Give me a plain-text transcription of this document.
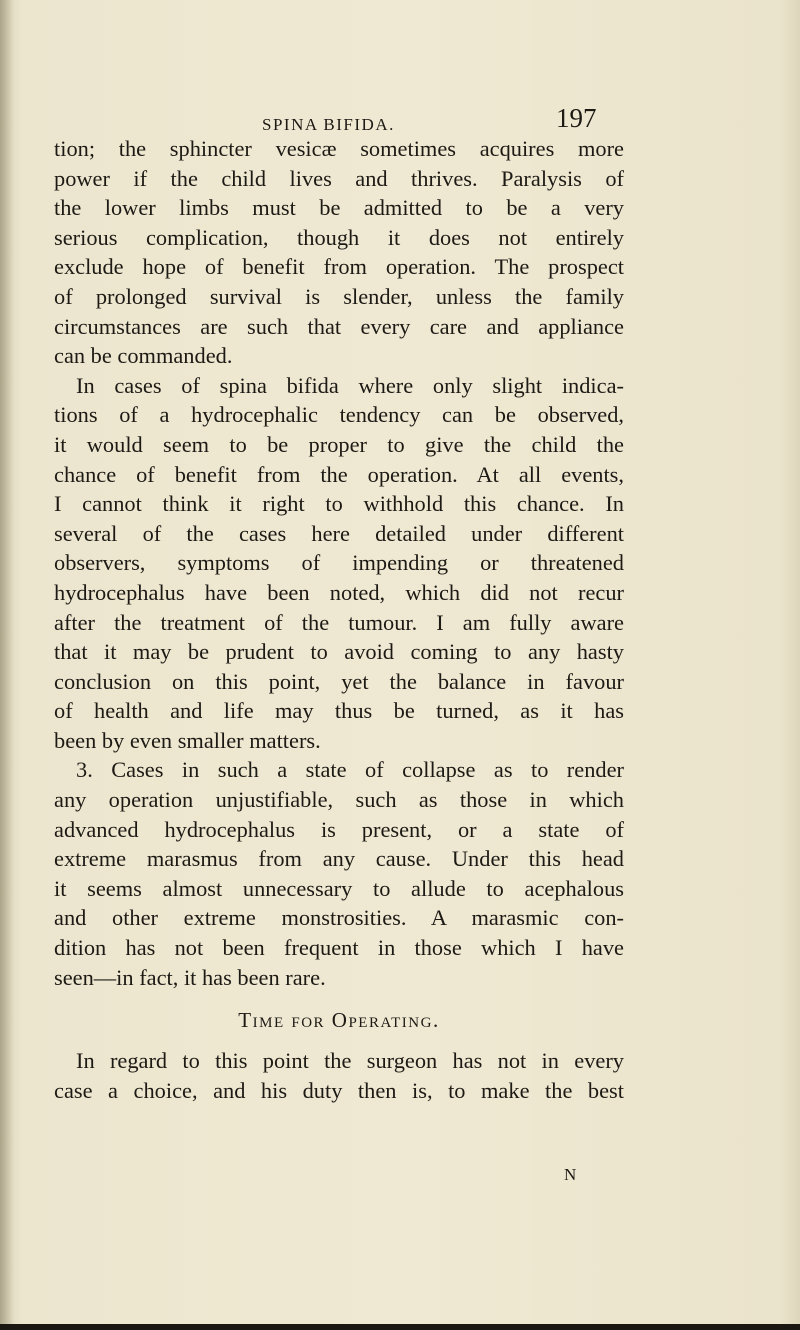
SPINA BIFIDA.	197
tion; the sphincter vesicæ sometimes acquires more
power if the child lives and thrives. Paralysis of
the lower limbs must be admitted to be a very
serious complication, though it does not entirely
exclude hope of benefit from operation. The prospect
of prolonged survival is slender, unless the family
circumstances are such that every care and appliance
can be commanded.
In cases of spina bifida where only slight indica-
tions of a hydrocephalic tendency can be observed,
it would seem to be proper to give the child the
chance of benefit from the operation. At all events,
I cannot think it right to withhold this chance. In
several of the cases here detailed under different
observers, symptoms of impending or threatened
hydrocephalus have been noted, which did not recur
after the treatment of the tumour. I am fully aware
that it may be prudent to avoid coming to any hasty
conclusion on this point, yet the balance in favour
of health and life may thus be turned, as it has
been by even smaller matters.
3. Cases in such a state of collapse as to render
any operation unjustifiable, such as those in which
advanced hydrocephalus is present, or a state of
extreme marasmus from any cause. Under this head
it seems almost unnecessary to allude to acephalous
and other extreme monstrosities. A marasmic con-
dition has not been frequent in those which I have
seen—in fact, it has been rare.
Time for Operating.
In regard to this point the surgeon has not in every
case a choice, and his duty then is, to make the best
N
